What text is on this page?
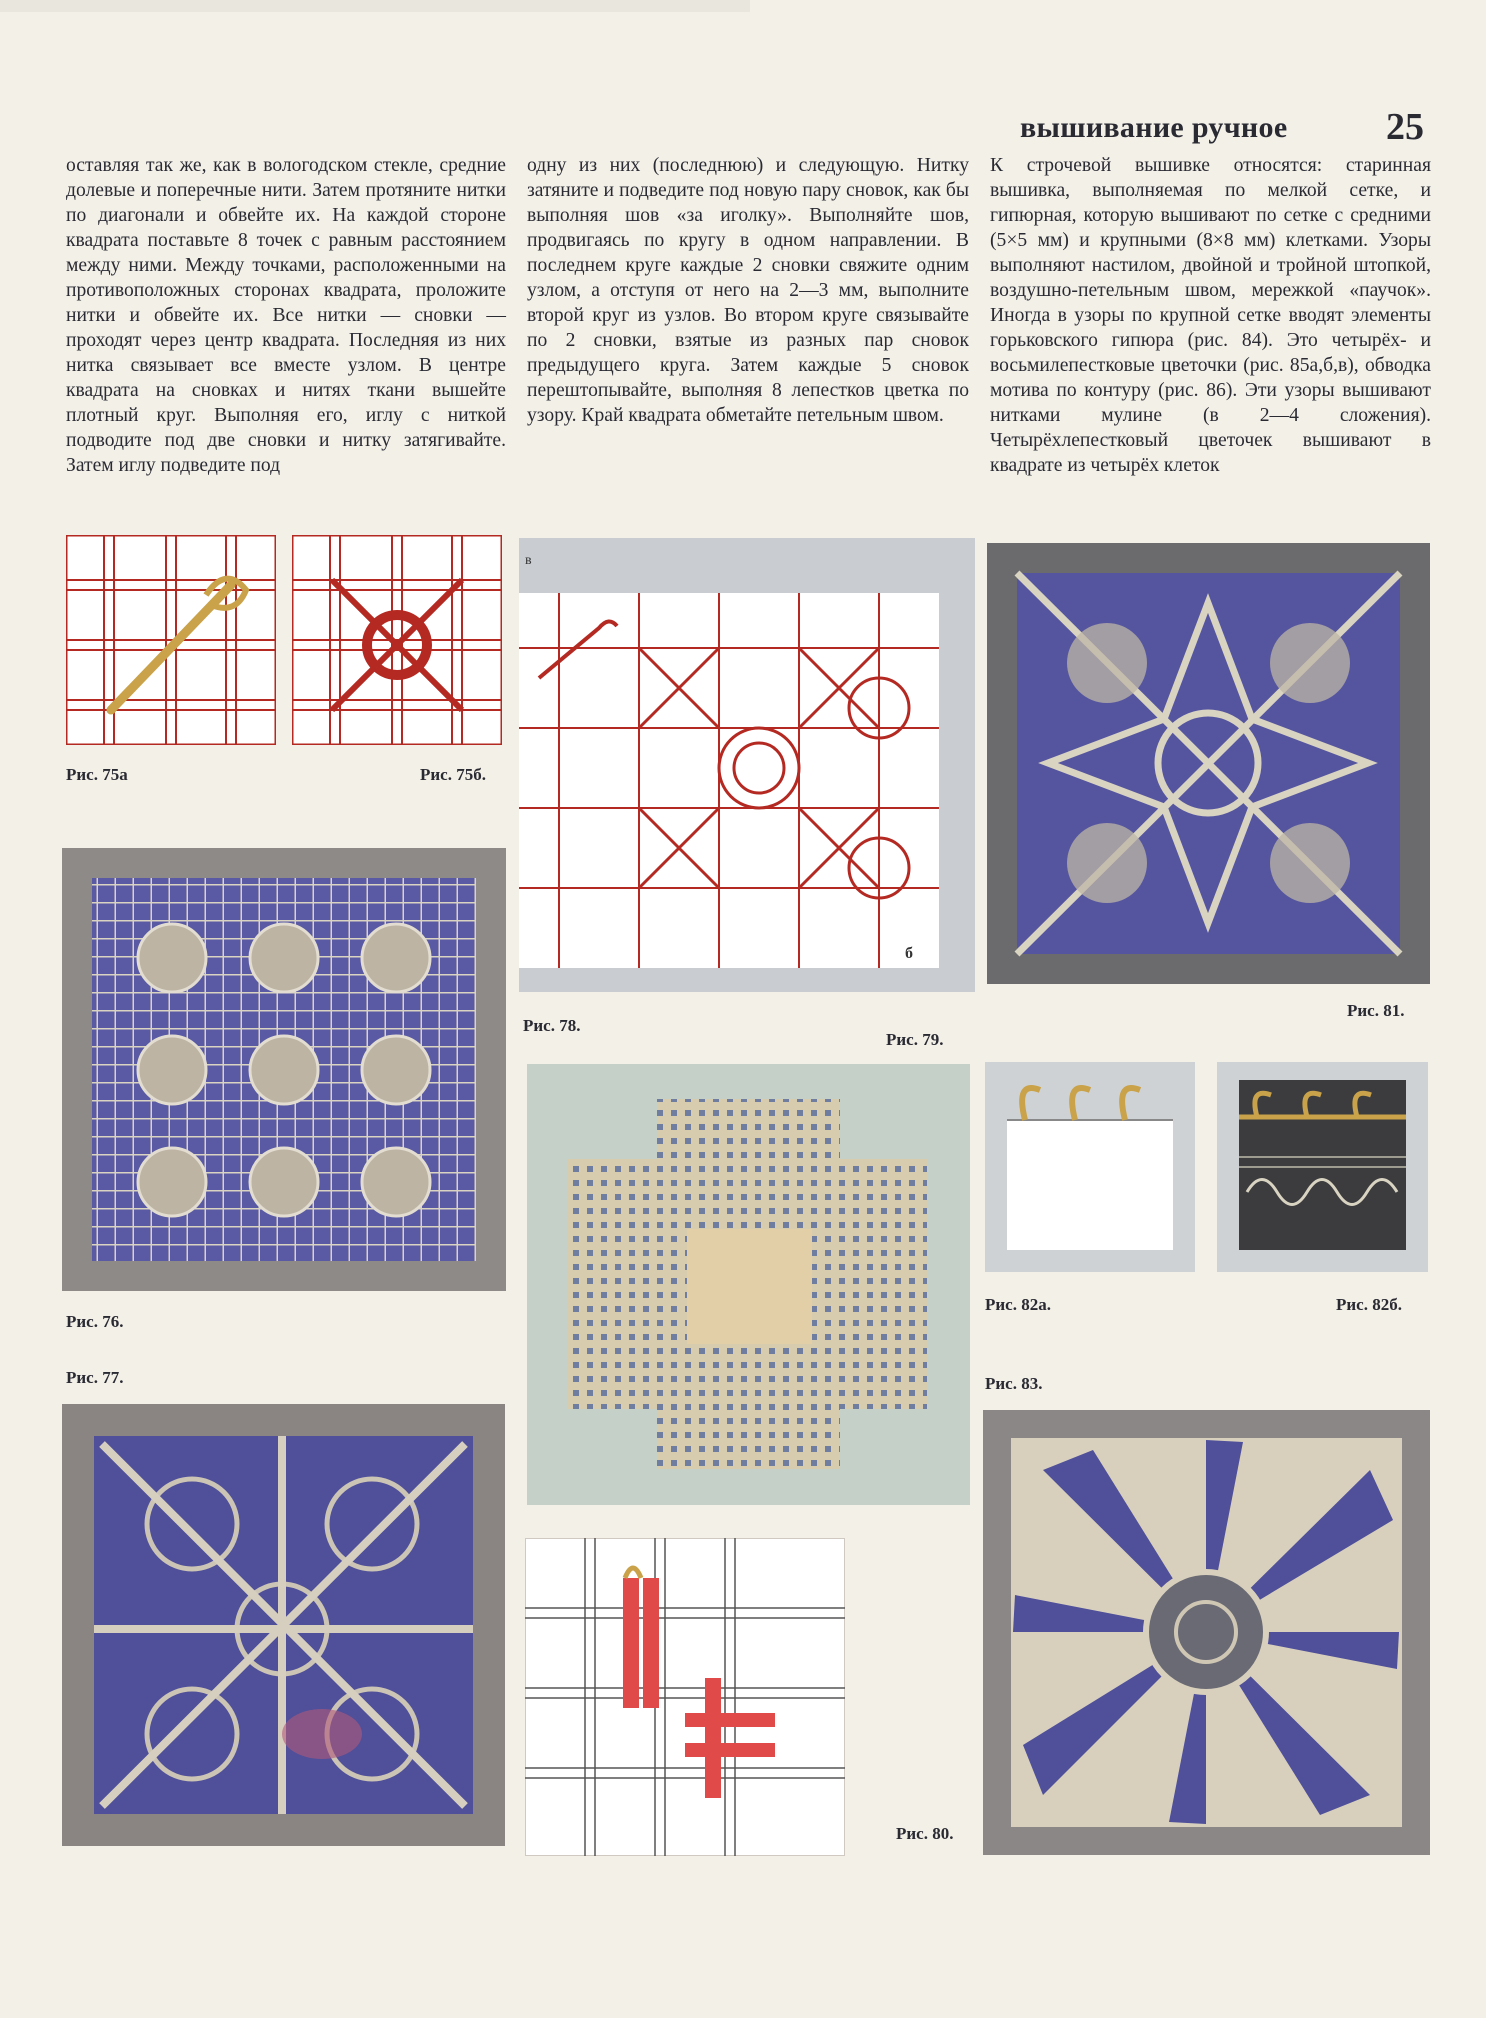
вышивание ручное	25

оставляя так же, как в вологодском стекле, средние долевые и поперечные нити. Затем протяните нитки по диагонали и обвейте их. На каждой стороне квадрата поставьте 8 точек с равным расстоянием между ними. Между точками, расположенными на противоположных сторонах квадрата, проложите нитки и обвейте их. Все нитки — сновки — проходят через центр квадрата. Последняя из них нитка связывает все вместе узлом. В центре квадрата на сновках и нитях ткани вышейте плотный круг. Выполняя его, иглу с ниткой подводите под две сновки и нитку затягивайте. Затем иглу подведите под

одну из них (последнюю) и следующую. Нитку затяните и подведите под новую пару сновок, как бы выполняя шов «за иголку». Выполняйте шов, продвигаясь по кругу в одном направлении. В последнем круге каждые 2 сновки свяжите одним узлом, а отступя от него на 2—3 мм, выполните второй круг из узлов. Во втором круге связывайте по 2 сновки, взятые из разных пар сновок предыдущего круга. Затем каждые 5 сновок перештопывайте, выполняя 8 лепестков цветка по узору. Край квадрата обметайте петельным швом.

К строчевой вышивке относятся: старинная вышивка, выполняемая по мелкой сетке, и гипюрная, которую вышивают по сетке с средними (5×5 мм) и крупными (8×8 мм) клетками. Узоры выполняют настилом, двойной и тройной штопкой, воздушно-петельным швом, мережкой «паучок». Иногда в узоры по крупной сетке вводят элементы горьковского гипюра (рис. 84). Это четырёх- и восьмилепестковые цветочки (рис. 85а,б,в), обводка мотива по контуру (рис. 86). Эти узоры вышивают нитками мулине (в 2—4 сложения). Четырёхлепестковый цветочек вышивают в квадрате из четырёх клеток

Рис. 75а	Рис. 75б.
Рис. 76.
Рис. 77.
в
б
Рис. 78.
Рис. 79.
Рис. 80.
Рис. 81.
Рис. 82а.	Рис. 82б.
Рис. 83.
